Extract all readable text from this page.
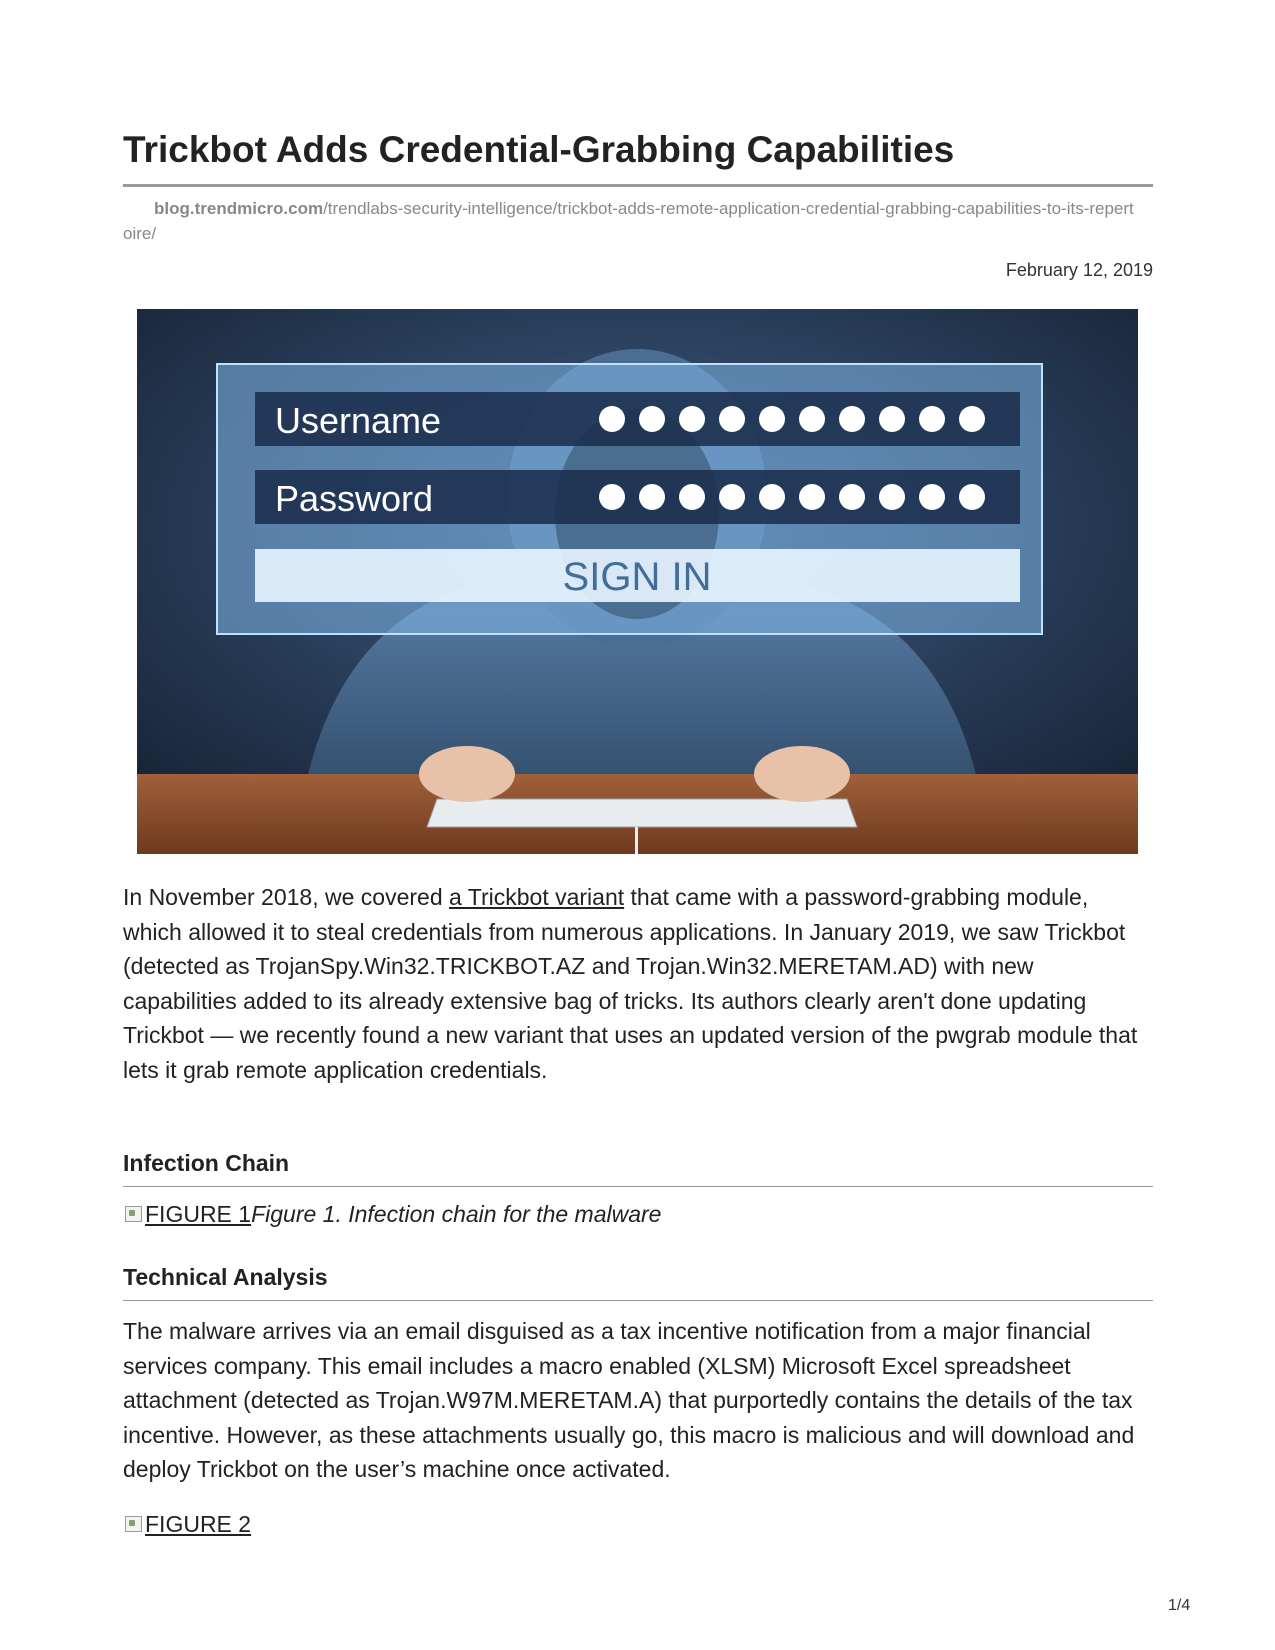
Trickbot Adds Credential-Grabbing Capabilities
blog.trendmicro.com/trendlabs-security-intelligence/trickbot-adds-remote-application-credential-grabbing-capabilities-to-its-repertoire/
February 12, 2019
Username
Password
SIGN IN

In November 2018, we covered a Trickbot variant that came with a password-grabbing module, which allowed it to steal credentials from numerous applications. In January 2019, we saw Trickbot (detected as TrojanSpy.Win32.TRICKBOT.AZ and Trojan.Win32.MERETAM.AD) with new capabilities added to its already extensive bag of tricks. Its authors clearly aren't done updating Trickbot — we recently found a new variant that uses an updated version of the pwgrab module that lets it grab remote application credentials.

Infection Chain
FIGURE 1Figure 1. Infection chain for the malware
Technical Analysis

The malware arrives via an email disguised as a tax incentive notification from a major financial services company. This email includes a macro enabled (XLSM) Microsoft Excel spreadsheet attachment (detected as Trojan.W97M.MERETAM.A) that purportedly contains the details of the tax incentive. However, as these attachments usually go, this macro is malicious and will download and deploy Trickbot on the user’s machine once activated.

FIGURE 2
1/4
